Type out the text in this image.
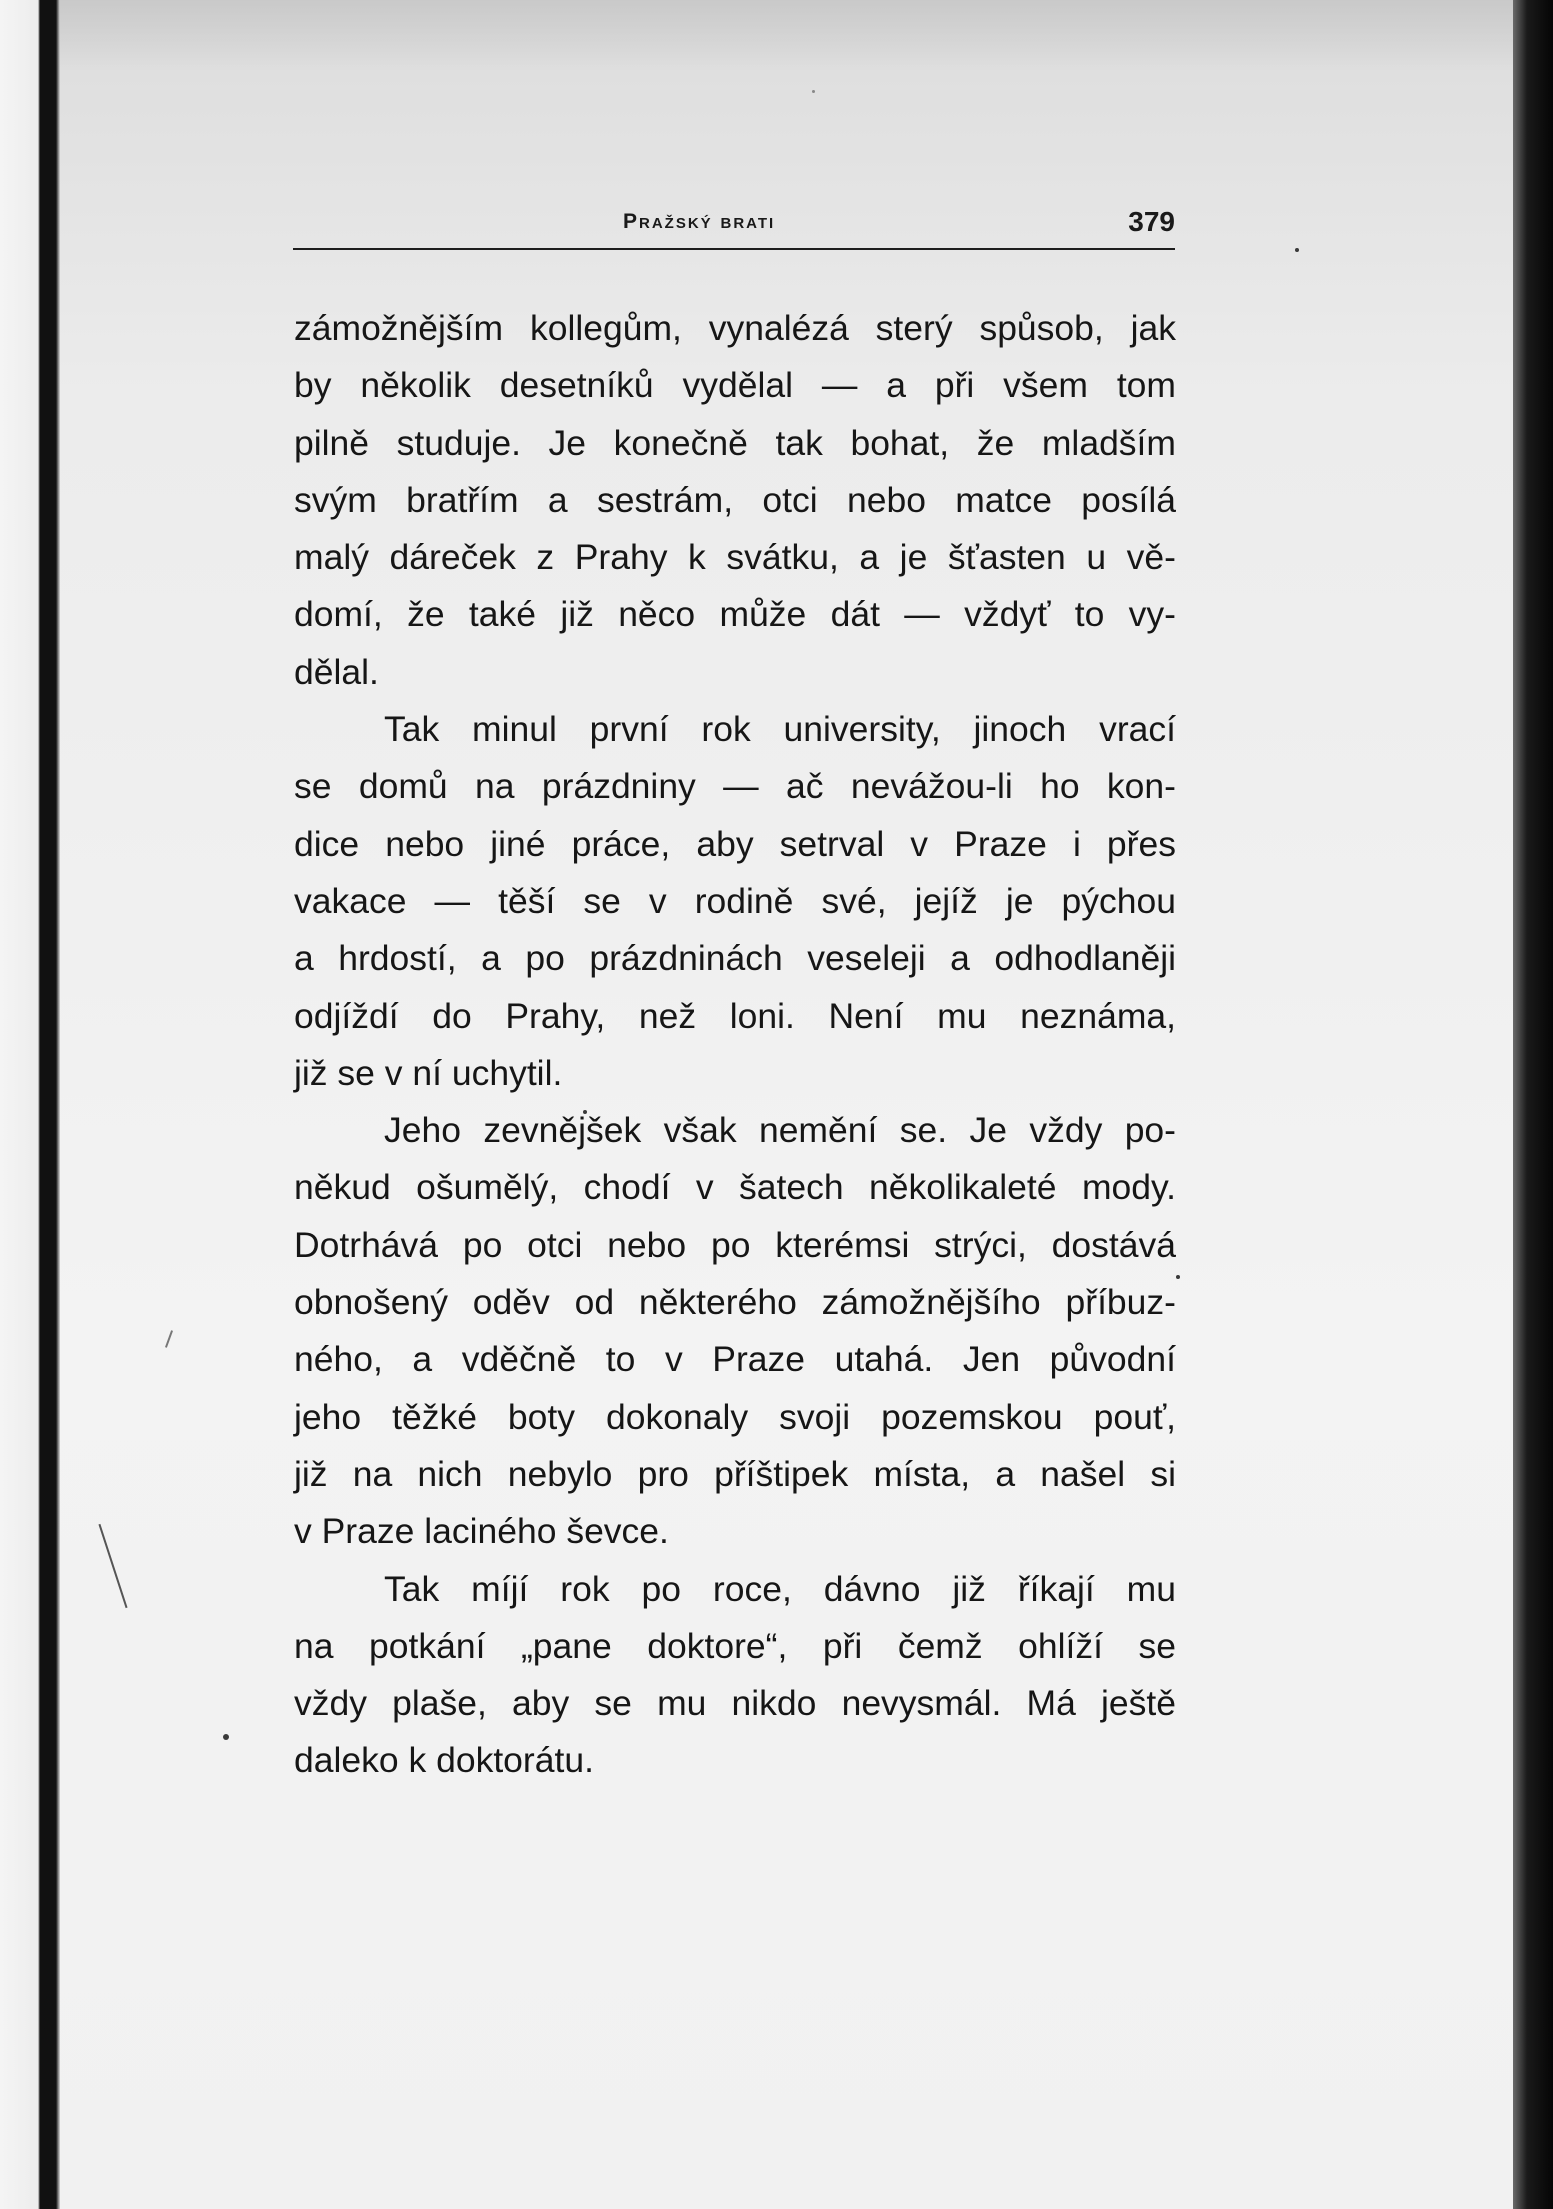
Pražský brati	379
zámožnějším kollegům, vynalézá sterý spůsob, jak
by několik desetníků vydělal — a při všem tom
pilně studuje. Je konečně tak bohat, že mladším
svým bratřím a sestrám, otci nebo matce posílá
malý dáreček z Prahy k svátku, a je šťasten u vě-
domí, že také již něco může dát — vždyť to vy-
dělal.
Tak minul první rok university, jinoch vrací
se domů na prázdniny — ač nevážou-li ho kon-
dice nebo jiné práce, aby setrval v Praze i přes
vakace — těší se v rodině své, jejíž je pýchou
a hrdostí, a po prázdninách veseleji a odhodlaněji
odjíždí do Prahy, než loni. Není mu neznáma,
již se v ní uchytil.
Jeho zevnějšek však nemění se. Je vždy po-
někud ošumělý, chodí v šatech několikaleté mody.
Dotrhává po otci nebo po kterémsi strýci, dostává
obnošený oděv od některého zámožnějšího příbuz-
ného, a vděčně to v Praze utahá. Jen původní
jeho těžké boty dokonaly svoji pozemskou pouť,
již na nich nebylo pro příštipek místa, a našel si
v Praze laciného ševce.
Tak míjí rok po roce, dávno již říkají mu
na potkání „pane doktore“, při čemž ohlíží se
vždy plaše, aby se mu nikdo nevysmál. Má ještě
daleko k doktorátu.
